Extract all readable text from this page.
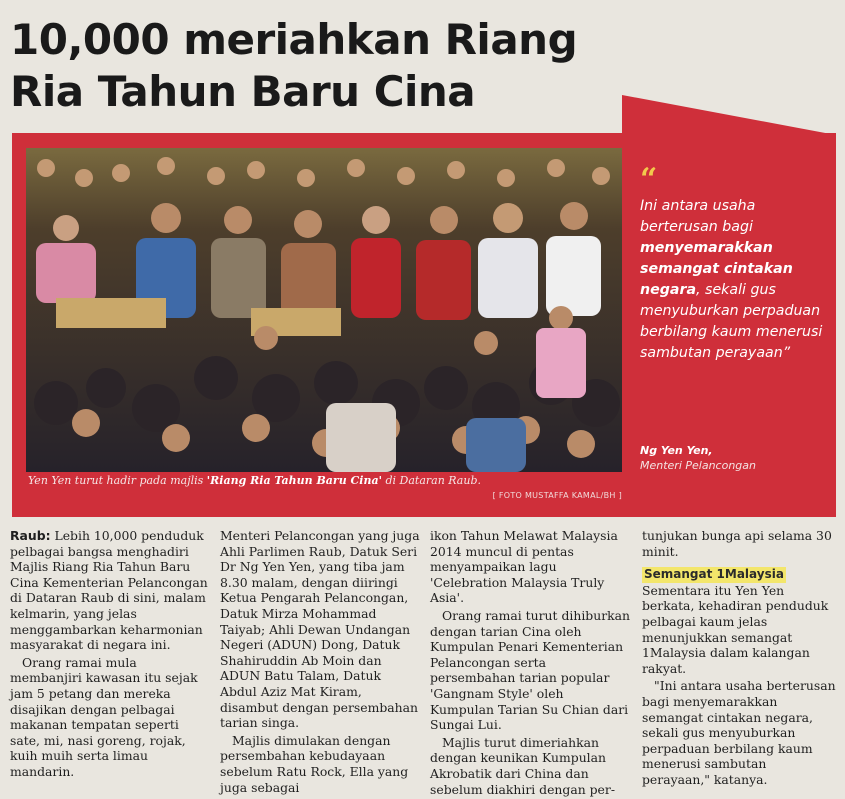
10,000 meriahkan Riang
Ria Tahun Baru Cina
Yen Yen turut hadir pada majlis 'Riang Ria Tahun Baru Cina' di Dataran Raub.
[ FOTO MUSTAFFA KAMAL/BH ]
“
Ini antara usaha berterusan bagi menyemarakkan semangat cintakan negara, sekali gus menyuburkan perpaduan berbilang kaum menerusi sambutan perayaan”
Ng Yen Yen,
Menteri Pelancongan

Raub: Lebih 10,000 penduduk pelbagai bangsa menghadiri Majlis Riang Ria Tahun Baru Cina Kementerian Pelancongan di Dataran Raub di sini, malam kelmarin, yang jelas menggambarkan keharmonian masyarakat di negara ini.

Orang ramai mula membanjiri kawasan itu sejak jam 5 petang dan mereka disajikan dengan pelbagai makanan tempatan seperti sate, mi, nasi goreng, rojak, kuih muih serta limau mandarin.

Menteri Pelancongan yang juga Ahli Parlimen Raub, Datuk Seri Dr Ng Yen Yen, yang tiba jam 8.30 malam, dengan diiringi Ketua Pengarah Pelancongan, Datuk Mirza Mohammad Taiyab; Ahli Dewan Undangan Negeri (ADUN) Dong, Datuk Shahiruddin Ab Moin dan ADUN Batu Talam, Datuk Abdul Aziz Mat Kiram, disambut dengan persembahan tarian singa.

Majlis dimulakan dengan persembahan kebudayaan sebelum Ratu Rock, Ella yang juga sebagai

ikon Tahun Melawat Malaysia 2014 muncul di pentas menyampaikan lagu 'Celebration Malaysia Truly Asia'.

Orang ramai turut dihiburkan dengan tarian Cina oleh Kumpulan Penari Kementerian Pelancongan serta persembahan tarian popular 'Gangnam Style' oleh Kumpulan Tarian Su Chian dari Sungai Lui.

Majlis turut dimeriahkan dengan keunikan Kumpulan Akrobatik dari China dan sebelum diakhiri dengan per-

tunjukan bunga api selama 30 minit.

Semangat 1Malaysia

Sementara itu Yen Yen berkata, kehadiran penduduk pelbagai kaum jelas menunjukkan semangat 1Malaysia dalam kalangan rakyat.

"Ini antara usaha berterusan bagi menyemarakkan semangat cintakan negara, sekali gus menyuburkan perpaduan berbilang kaum menerusi sambutan perayaan," katanya.
